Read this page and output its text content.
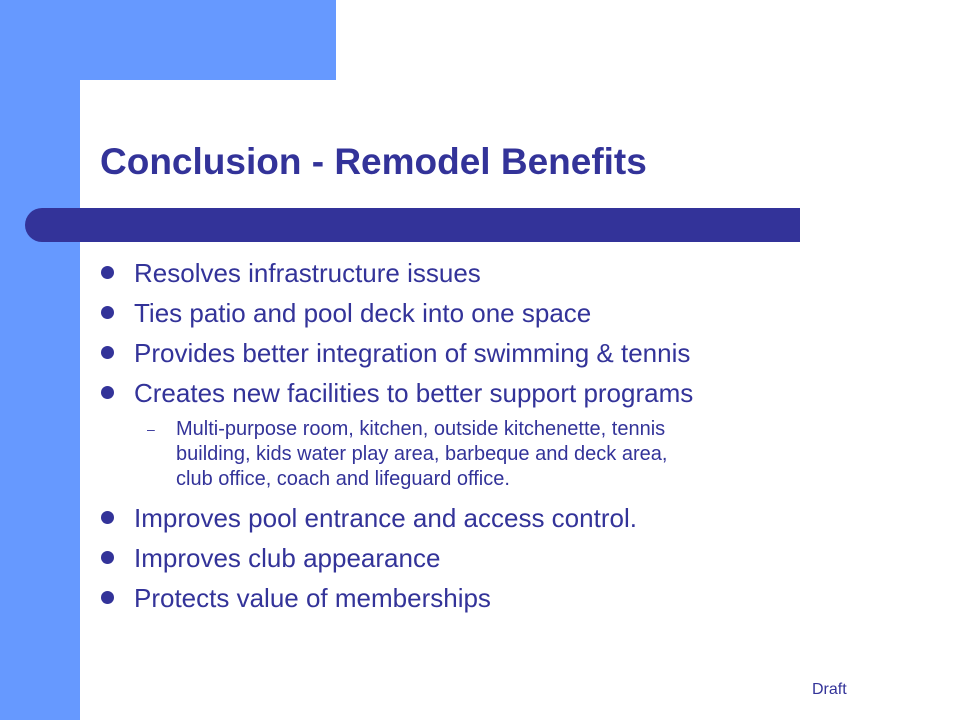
Conclusion - Remodel Benefits
Resolves infrastructure issues
Ties patio and pool deck into one space
Provides better integration of swimming & tennis
Creates new facilities to better support programs
– Multi-purpose room, kitchen, outside kitchenette, tennis
building, kids water play area, barbeque and deck area,
club office, coach and lifeguard office.
Improves pool entrance and access control.
Improves club appearance
Protects value of memberships
Draft
